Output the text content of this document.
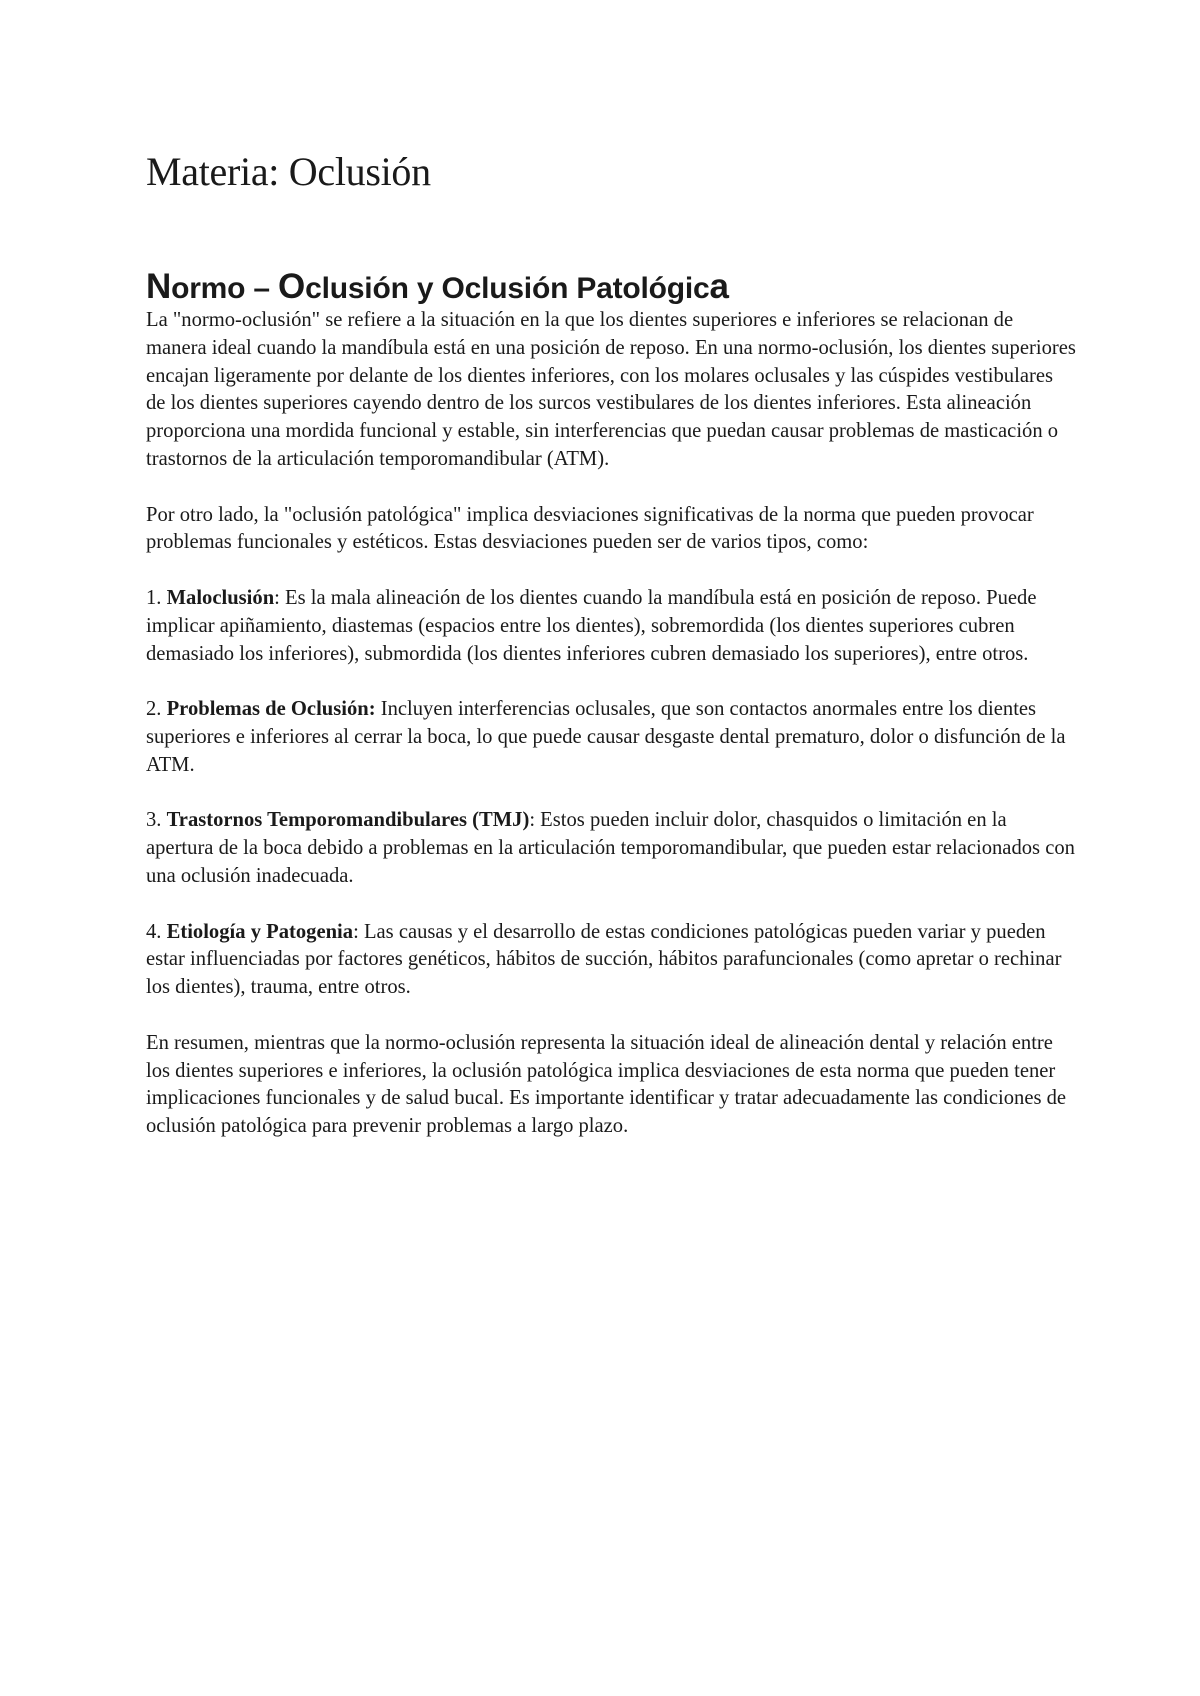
Materia: Oclusión
Normo – Oclusión y Oclusión Patológica

La "normo-oclusión" se refiere a la situación en la que los dientes superiores e inferiores se relacionan de manera ideal cuando la mandíbula está en una posición de reposo. En una normo-oclusión, los dientes superiores encajan ligeramente por delante de los dientes inferiores, con los molares oclusales y las cúspides vestibulares de los dientes superiores cayendo dentro de los surcos vestibulares de los dientes inferiores. Esta alineación proporciona una mordida funcional y estable, sin interferencias que puedan causar problemas de masticación o trastornos de la articulación temporomandibular (ATM).

Por otro lado, la "oclusión patológica" implica desviaciones significativas de la norma que pueden provocar problemas funcionales y estéticos. Estas desviaciones pueden ser de varios tipos, como:

1. Maloclusión: Es la mala alineación de los dientes cuando la mandíbula está en posición de reposo. Puede implicar apiñamiento, diastemas (espacios entre los dientes), sobremordida (los dientes superiores cubren demasiado los inferiores), submordida (los dientes inferiores cubren demasiado los superiores), entre otros.

2. Problemas de Oclusión: Incluyen interferencias oclusales, que son contactos anormales entre los dientes superiores e inferiores al cerrar la boca, lo que puede causar desgaste dental prematuro, dolor o disfunción de la ATM.

3. Trastornos Temporomandibulares (TMJ): Estos pueden incluir dolor, chasquidos o limitación en la apertura de la boca debido a problemas en la articulación temporomandibular, que pueden estar relacionados con una oclusión inadecuada.

4. Etiología y Patogenia: Las causas y el desarrollo de estas condiciones patológicas pueden variar y pueden estar influenciadas por factores genéticos, hábitos de succión, hábitos parafuncionales (como apretar o rechinar los dientes), trauma, entre otros.

En resumen, mientras que la normo-oclusión representa la situación ideal de alineación dental y relación entre los dientes superiores e inferiores, la oclusión patológica implica desviaciones de esta norma que pueden tener implicaciones funcionales y de salud bucal. Es importante identificar y tratar adecuadamente las condiciones de oclusión patológica para prevenir problemas a largo plazo.
